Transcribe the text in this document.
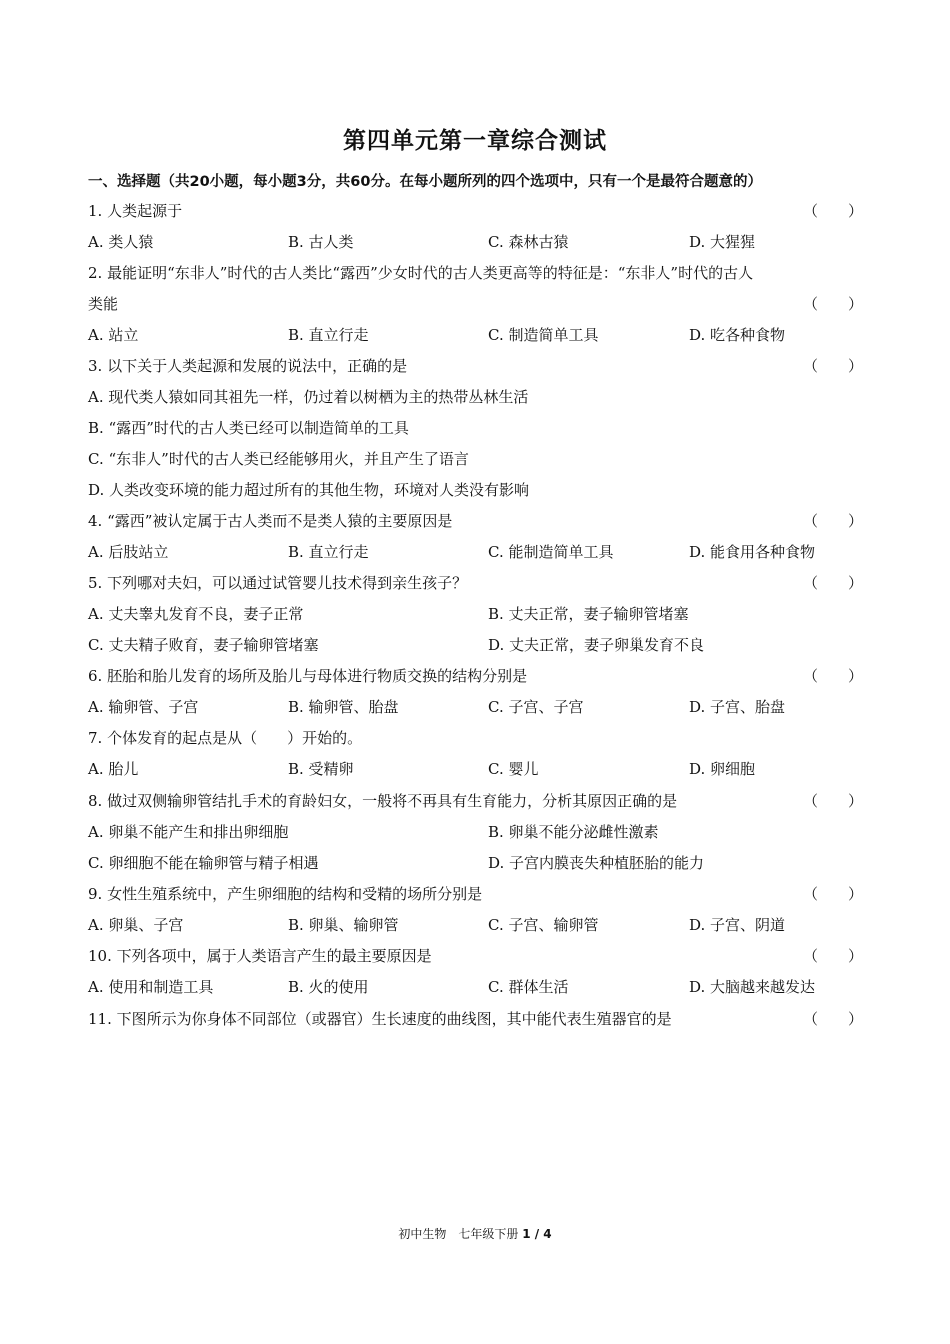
第四单元第一章综合测试
一、选择题（共20小题，每小题3分，共60分。在每小题所列的四个选项中，只有一个是最符合题意的）
1. 人类起源于	（　　）
A. 类人猿	B. 古人类	C. 森林古猿	D. 大猩猩
2. 最能证明“东非人”时代的古人类比“露西”少女时代的古人类更高等的特征是：“东非人”时代的古人
类能	（　　）
A. 站立	B. 直立行走	C. 制造简单工具	D. 吃各种食物
3. 以下关于人类起源和发展的说法中，正确的是	（　　）
A. 现代类人猿如同其祖先一样，仍过着以树栖为主的热带丛林生活
B. “露西”时代的古人类已经可以制造简单的工具
C. “东非人”时代的古人类已经能够用火，并且产生了语言
D. 人类改变环境的能力超过所有的其他生物，环境对人类没有影响
4. “露西”被认定属于古人类而不是类人猿的主要原因是	（　　）
A. 后肢站立	B. 直立行走	C. 能制造简单工具	D. 能食用各种食物
5. 下列哪对夫妇，可以通过试管婴儿技术得到亲生孩子？	（　　）
A. 丈夫睾丸发育不良，妻子正常	B. 丈夫正常，妻子输卵管堵塞
C. 丈夫精子败育，妻子输卵管堵塞	D. 丈夫正常，妻子卵巢发育不良
6. 胚胎和胎儿发育的场所及胎儿与母体进行物质交换的结构分别是	（　　）
A. 输卵管、子宫	B. 输卵管、胎盘	C. 子宫、子宫	D. 子宫、胎盘
7. 个体发育的起点是从（　　）开始的。
A. 胎儿	B. 受精卵	C. 婴儿	D. 卵细胞
8. 做过双侧输卵管结扎手术的育龄妇女，一般将不再具有生育能力，分析其原因正确的是	（　　）
A. 卵巢不能产生和排出卵细胞	B. 卵巢不能分泌雌性激素
C. 卵细胞不能在输卵管与精子相遇	D. 子宫内膜丧失种植胚胎的能力
9. 女性生殖系统中，产生卵细胞的结构和受精的场所分别是	（　　）
A. 卵巢、子宫	B. 卵巢、输卵管	C. 子宫、输卵管	D. 子宫、阴道
10. 下列各项中，属于人类语言产生的最主要原因是	（　　）
A. 使用和制造工具	B. 火的使用	C. 群体生活	D. 大脑越来越发达
11. 下图所示为你身体不同部位（或器官）生长速度的曲线图，其中能代表生殖器官的是	（　　）
初中生物　七年级下册 1 / 4
